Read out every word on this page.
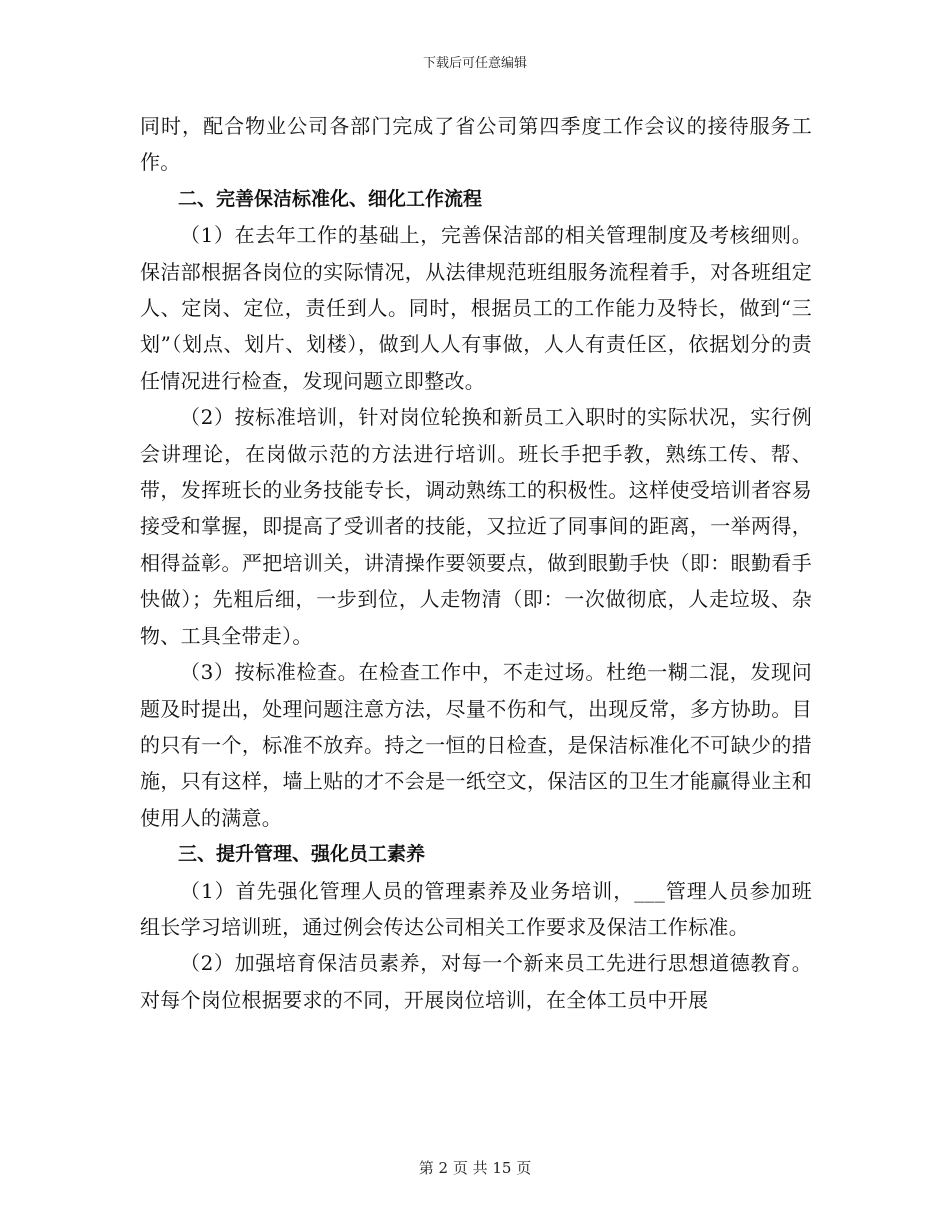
下载后可任意编辑

同时，配合物业公司各部门完成了省公司第四季度工作会议的接待服务工作。

二、完善保洁标准化、细化工作流程

（1）在去年工作的基础上，完善保洁部的相关管理制度及考核细则。保洁部根据各岗位的实际情况，从法律规范班组服务流程着手，对各班组定人、定岗、定位，责任到人。同时，根据员工的工作能力及特长，做到“三划”（划点、划片、划楼），做到人人有事做，人人有责任区，依据划分的责任情况进行检查，发现问题立即整改。

（2）按标准培训，针对岗位轮换和新员工入职时的实际状况，实行例会讲理论，在岗做示范的方法进行培训。班长手把手教，熟练工传、帮、带，发挥班长的业务技能专长，调动熟练工的积极性。这样使受培训者容易接受和掌握，即提高了受训者的技能，又拉近了同事间的距离，一举两得，相得益彰。严把培训关，讲清操作要领要点，做到眼勤手快（即：眼勤看手快做）；先粗后细，一步到位，人走物清（即：一次做彻底，人走垃圾、杂物、工具全带走）。

（3）按标准检查。在检查工作中，不走过场。杜绝一糊二混，发现问题及时提出，处理问题注意方法，尽量不伤和气，出现反常，多方协助。目的只有一个，标准不放弃。持之一恒的日检查，是保洁标准化不可缺少的措施，只有这样，墙上贴的才不会是一纸空文，保洁区的卫生才能赢得业主和使用人的满意。

三、提升管理、强化员工素养

（1）首先强化管理人员的管理素养及业务培训，___管理人员参加班组长学习培训班，通过例会传达公司相关工作要求及保洁工作标准。

（2）加强培育保洁员素养，对每一个新来员工先进行思想道德教育。对每个岗位根据要求的不同，开展岗位培训，在全体工员中开展

第 2 页 共 15 页
